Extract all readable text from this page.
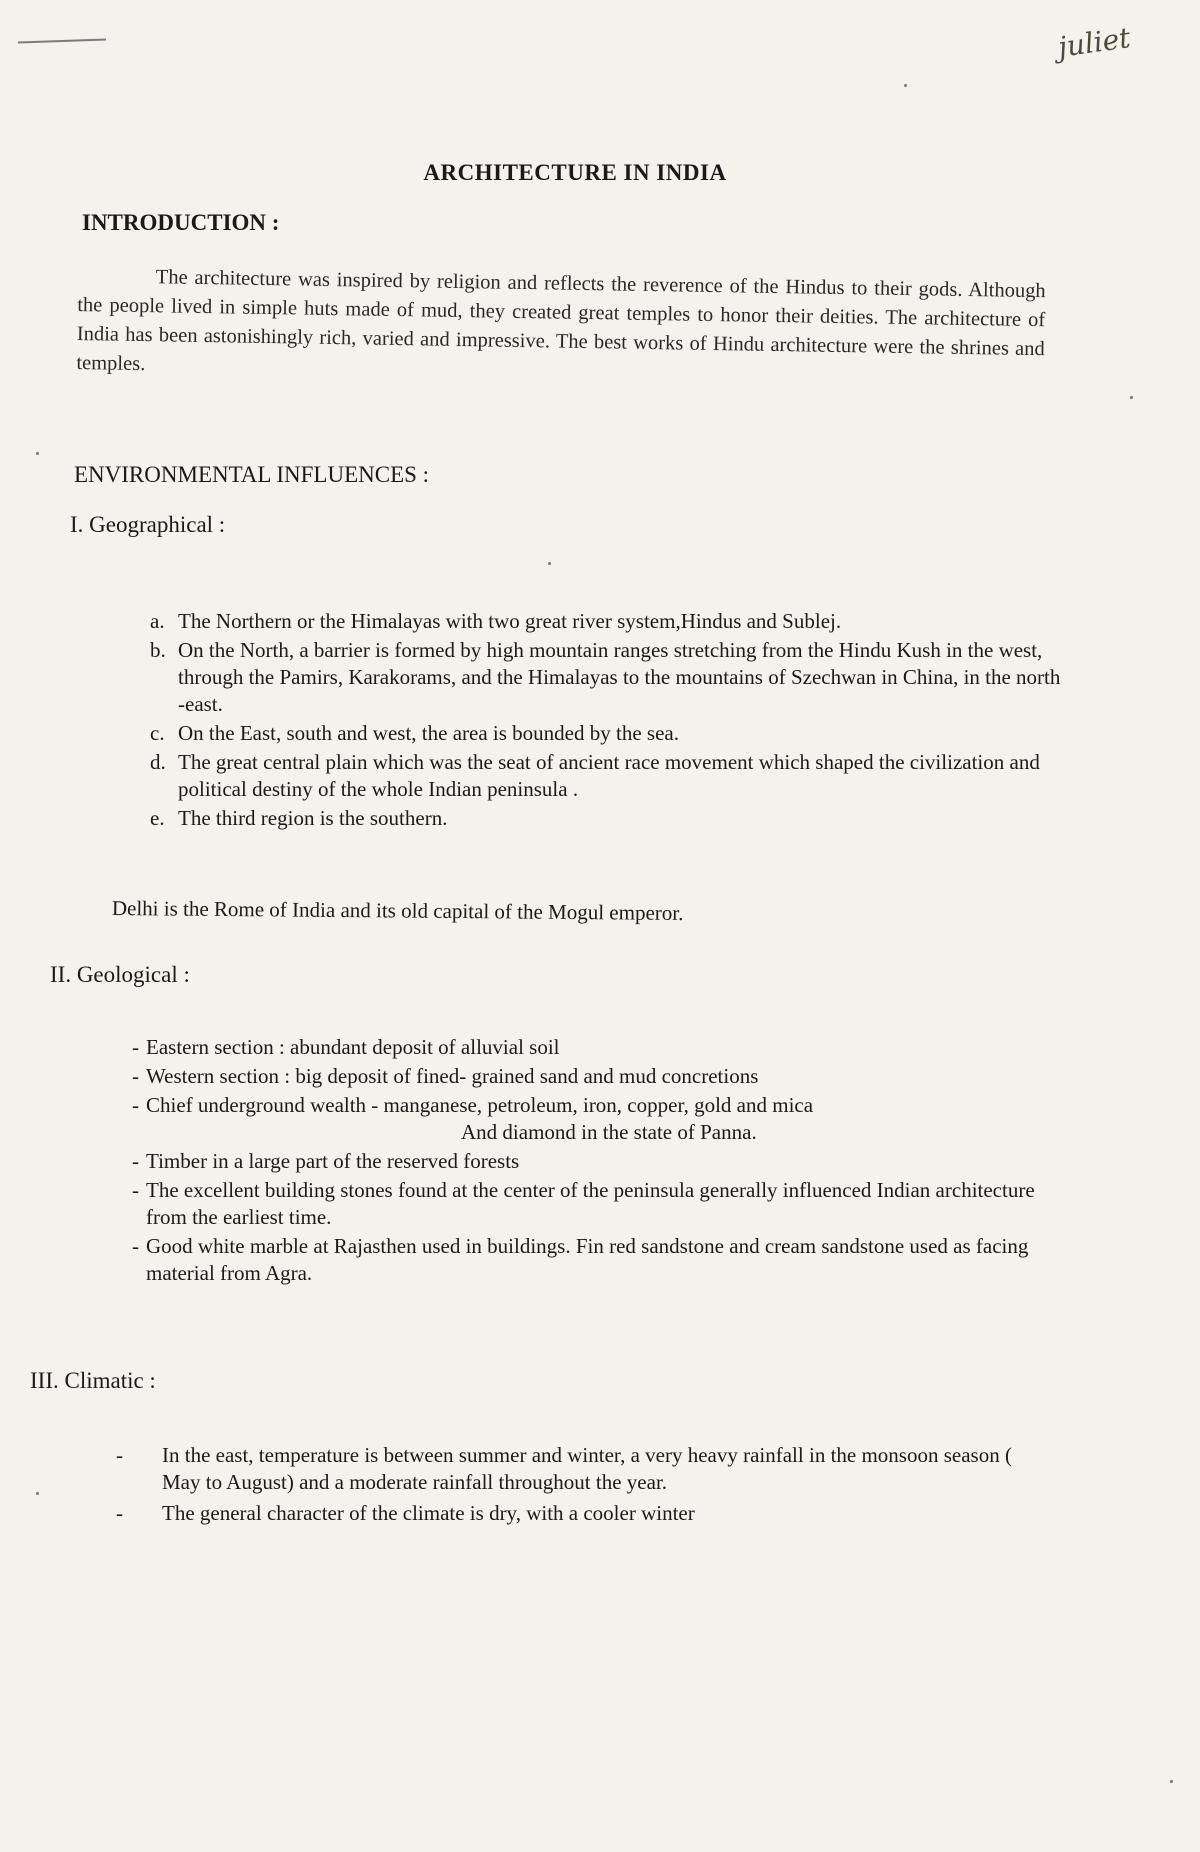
juliet
ARCHITECTURE IN INDIA
INTRODUCTION :
The architecture was inspired by religion and reflects the reverence of the Hindus to their gods. Although the people lived in simple huts made of mud, they created great temples to honor their deities. The architecture of India has been astonishingly rich, varied and impressive. The best works of Hindu architecture were the shrines and temples.
ENVIRONMENTAL INFLUENCES :
I. Geographical :
a. The Northern or the Himalayas with two great river system,Hindus and Sublej.
b. On the North, a barrier is formed by high mountain ranges stretching from the Hindu Kush in the west, through the Pamirs, Karakorams, and the Himalayas to the mountains of Szechwan in China, in the north -east.
c. On the East, south and west, the area is bounded by the sea.
d. The great central plain which was the seat of ancient race movement which shaped the civilization and political destiny of the whole Indian peninsula .
e. The third region is the southern.
Delhi is the Rome of India and its old capital of the Mogul emperor.
II. Geological :
- Eastern section : abundant deposit of alluvial soil
- Western section : big deposit of fined- grained sand and mud concretions
- Chief underground wealth - manganese, petroleum, iron, copper, gold and mica
And diamond in the state of Panna.
- Timber in a large part of the reserved forests
- The excellent building stones found at the center of the peninsula generally influenced Indian architecture from the earliest time.
- Good white marble at Rajasthen used in buildings. Fin red sandstone and cream sandstone used as facing material from Agra.
III. Climatic :
- In the east, temperature is between summer and winter, a very heavy rainfall in the monsoon season ( May to August) and a moderate rainfall throughout the year.
- The general character of the climate is dry, with a cooler winter
